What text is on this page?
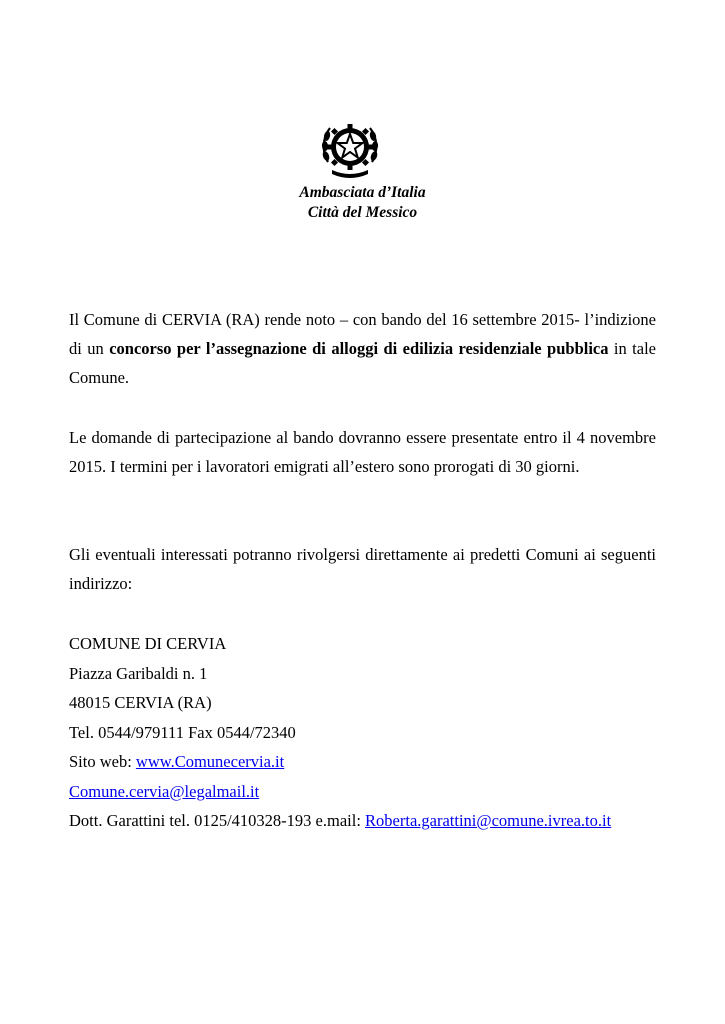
Ambasciata d’Italia
Città del Messico
Il Comune di CERVIA (RA) rende noto – con bando del 16 settembre 2015- l’indizione di un concorso per l’assegnazione di alloggi di edilizia residenziale pubblica in tale Comune.
Le domande di partecipazione al bando dovranno essere presentate entro il 4 novembre 2015. I termini per i lavoratori emigrati all’estero sono prorogati di 30 giorni.
Gli eventuali interessati potranno rivolgersi direttamente ai predetti Comuni ai seguenti indirizzo:
COMUNE DI CERVIA
Piazza Garibaldi n. 1
48015 CERVIA (RA)
Tel. 0544/979111 Fax 0544/72340
Sito web: www.Comunecervia.it
Comune.cervia@legalmail.it
Dott. Garattini tel. 0125/410328-193 e.mail: Roberta.garattini@comune.ivrea.to.it
